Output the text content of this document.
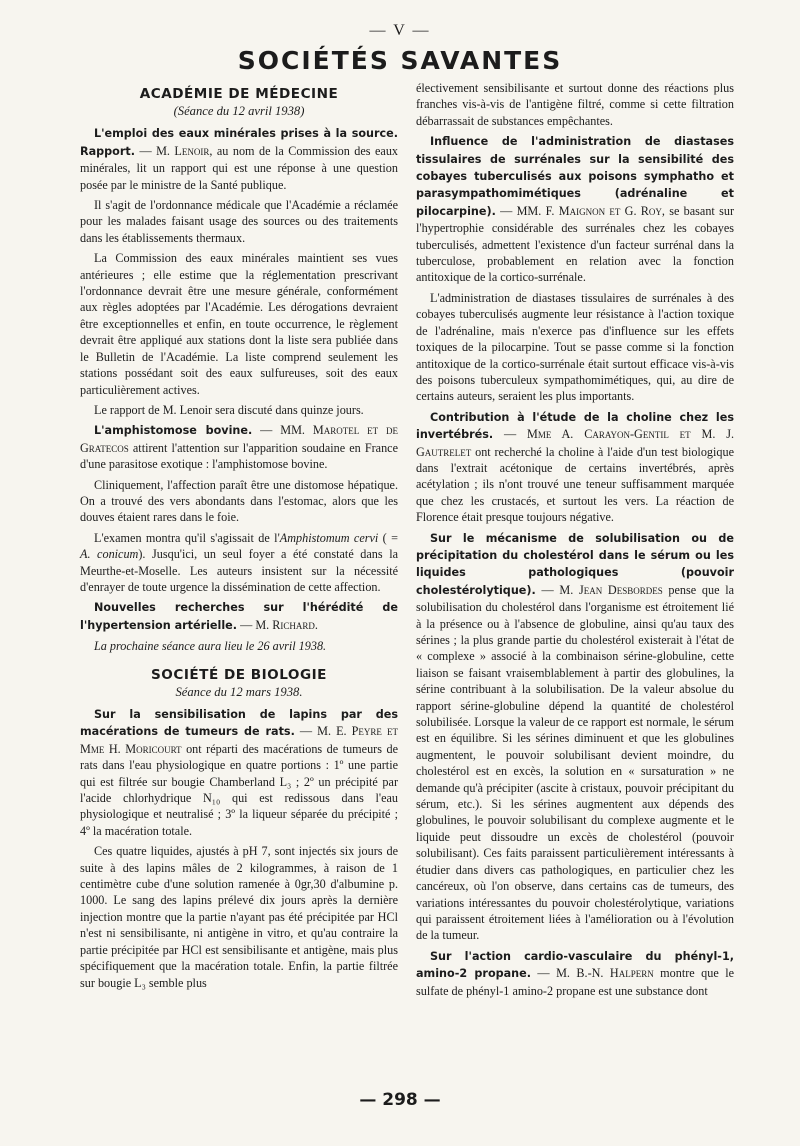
— V —
SOCIÉTÉS SAVANTES
ACADÉMIE DE MÉDECINE

(Séance du 12 avril 1938)

L'emploi des eaux minérales prises à la source. Rapport. — M. Lenoir, au nom de la Commission des eaux minérales, lit un rapport qui est une réponse à une question posée par le ministre de la Santé publique.

Il s'agit de l'ordonnance médicale que l'Académie a réclamée pour les malades faisant usage des sources ou des traitements dans les établissements thermaux.

La Commission des eaux minérales maintient ses vues antérieures ; elle estime que la réglementation prescrivant l'ordonnance devrait être une mesure générale, conformément aux règles adoptées par l'Académie. Les dérogations devraient être exceptionnelles et enfin, en toute occurrence, le règlement devrait être appliqué aux stations dont la liste sera publiée dans le Bulletin de l'Académie. La liste comprend seulement les stations possédant soit des eaux sulfureuses, soit des eaux particulièrement actives.

Le rapport de M. Lenoir sera discuté dans quinze jours.

L'amphistomose bovine. — MM. Marotel et de Gratecos attirent l'attention sur l'apparition soudaine en France d'une parasitose exotique : l'amphistomose bovine.

Cliniquement, l'affection paraît être une distomose hépatique. On a trouvé des vers abondants dans l'estomac, alors que les douves étaient rares dans le foie.

L'examen montra qu'il s'agissait de l'Amphistomum cervi ( = A. conicum). Jusqu'ici, un seul foyer a été constaté dans la Meurthe-et-Moselle. Les auteurs insistent sur la nécessité d'enrayer de toute urgence la dissémination de cette affection.

Nouvelles recherches sur l'hérédité de l'hypertension artérielle. — M. Richard.

La prochaine séance aura lieu le 26 avril 1938.

SOCIÉTÉ DE BIOLOGIE

Séance du 12 mars 1938.

Sur la sensibilisation de lapins par des macérations de tumeurs de rats. — M. E. Peyre et Mme H. Moricourt ont réparti des macérations de tumeurs de rats dans l'eau physiologique en quatre portions : 1º une partie qui est filtrée sur bougie Chamberland L₃ ; 2º un précipité par l'acide chlorhydrique N₁₀ qui est redissous dans l'eau physiologique et neutralisé ; 3º la liqueur séparée du précipité ; 4º la macération totale.

Ces quatre liquides, ajustés à pH 7, sont injectés six jours de suite à des lapins mâles de 2 kilogrammes, à raison de 1 centimètre cube d'une solution ramenée à 0gr,30 d'albumine p. 1000. Le sang des lapins prélevé dix jours après la dernière injection montre que la partie n'ayant pas été précipitée par HCl n'est ni sensibilisante, ni antigène in vitro, et qu'au contraire la partie précipitée par HCl est sensibilisante et antigène, mais plus spécifiquement que la macération totale. Enfin, la partie filtrée sur bougie L₃ semble plus

électivement sensibilisante et surtout donne des réactions plus franches vis-à-vis de l'antigène filtré, comme si cette filtration débarrassait de substances empêchantes.

Influence de l'administration de diastases tissulaires de surrénales sur la sensibilité des cobayes tuberculisés aux poisons symphatho et parasympathomimétiques (adrénaline et pilocarpine). — MM. F. Maignon et G. Roy, se basant sur l'hypertrophie considérable des surrénales chez les cobayes tuberculisés, admettent l'existence d'un facteur surrénal dans la tuberculose, probablement en relation avec la fonction antitoxique de la cortico-surrénale.

L'administration de diastases tissulaires de surrénales à des cobayes tuberculisés augmente leur résistance à l'action toxique de l'adrénaline, mais n'exerce pas d'influence sur les effets toxiques de la pilocarpine. Tout se passe comme si la fonction antitoxique de la cortico-surrénale était surtout efficace vis-à-vis des poisons tuberculeux sympathomimétiques, qui, au dire de certains auteurs, seraient les plus importants.

Contribution à l'étude de la choline chez les invertébrés. — Mme A. Carayon-Gentil et M. J. Gautrelet ont recherché la choline à l'aide d'un test biologique dans l'extrait acétonique de certains invertébrés, après acétylation ; ils n'ont trouvé une teneur suffisamment marquée que chez les crustacés, et surtout les vers. La réaction de Florence était presque toujours négative.

Sur le mécanisme de solubilisation ou de précipitation du cholestérol dans le sérum ou les liquides pathologiques (pouvoir cholestérolytique). — M. Jean Desbordes pense que la solubilisation du cholestérol dans l'organisme est étroitement lié à la présence ou à l'absence de globuline, ainsi qu'au taux des sérines ; la plus grande partie du cholestérol existerait à l'état de « complexe » associé à la combinaison sérine-globuline, cette liaison se faisant vraisemblablement à partir des globulines, la sérine contribuant à la solubilisation. De la valeur absolue du rapport sérine-globuline dépend la quantité de cholestérol solubilisée. Lorsque la valeur de ce rapport est normale, le sérum est en équilibre. Si les sérines diminuent et que les globulines augmentent, le pouvoir solubilisant devient moindre, du cholestérol est en excès, la solution en « sursaturation » ne demande qu'à précipiter (ascite à cristaux, pouvoir précipitant du sérum, etc.). Si les sérines augmentent aux dépends des globulines, le pouvoir solubilisant du complexe augmente et le liquide peut dissoudre un excès de cholestérol (pouvoir solubilisant). Ces faits paraissent particulièrement intéressants à étudier dans divers cas pathologiques, en particulier chez les cancéreux, où l'on observe, dans certains cas de tumeurs, des variations intéressantes du pouvoir cholestérolytique, variations qui paraissent étroitement liées à l'amélioration ou à l'évolution de la tumeur.

Sur l'action cardio-vasculaire du phényl-1, amino-2 propane. — M. B.-N. Halpern montre que le sulfate de phényl-1 amino-2 propane est une substance dont

— 298 —
